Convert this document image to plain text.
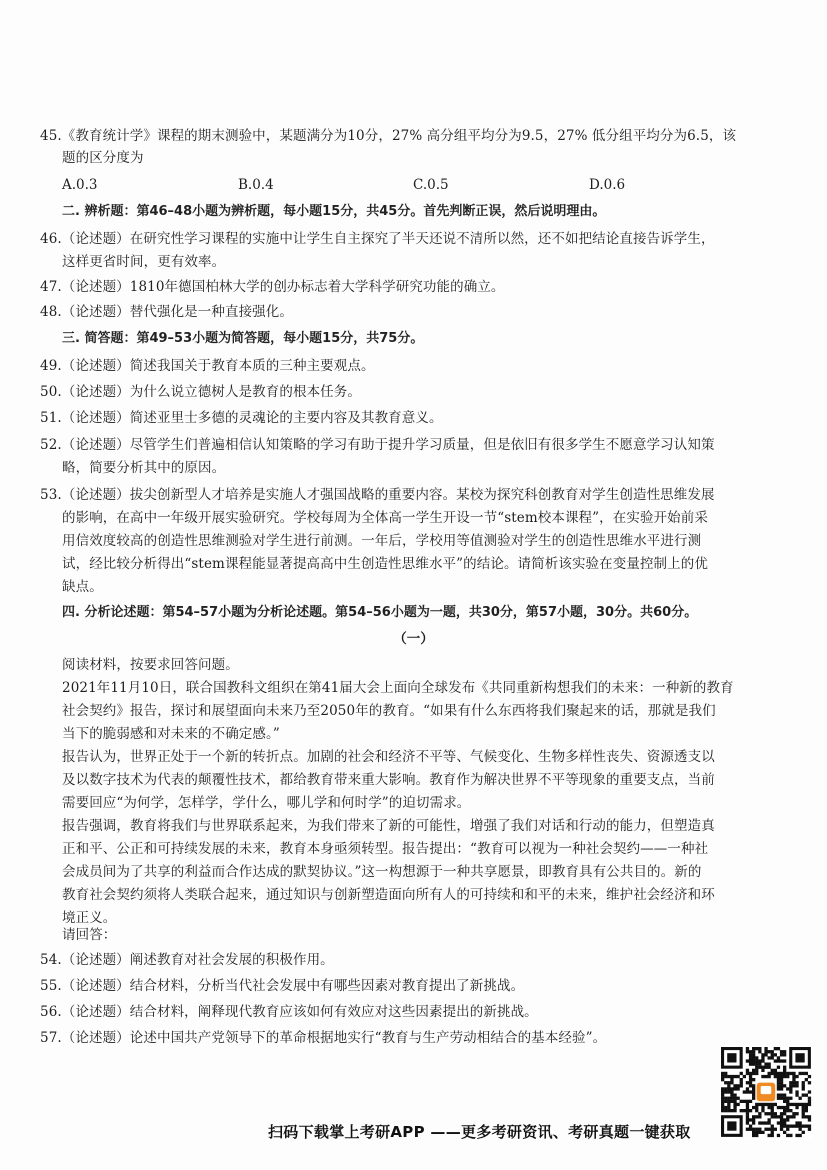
45.《教育统计学》课程的期末测验中，某题满分为10分，27% 高分组平均分为9.5，27% 低分组平均分为6.5，该
题的区分度为
A.0.3	B.0.4	C.0.5	D.0.6
二. 辨析题：第46–48小题为辨析题，每小题15分，共45分。首先判断正误，然后说明理由。
46.（论述题）在研究性学习课程的实施中让学生自主探究了半天还说不清所以然，还不如把结论直接告诉学生，
这样更省时间，更有效率。
47.（论述题）1810年德国柏林大学的创办标志着大学科学研究功能的确立。
48.（论述题）替代强化是一种直接强化。
三. 简答题：第49–53小题为简答题，每小题15分，共75分。
49.（论述题）简述我国关于教育本质的三种主要观点。
50.（论述题）为什么说立德树人是教育的根本任务。
51.（论述题）简述亚里士多德的灵魂论的主要内容及其教育意义。
52.（论述题）尽管学生们普遍相信认知策略的学习有助于提升学习质量，但是依旧有很多学生不愿意学习认知策
略，简要分析其中的原因。
53.（论述题）拔尖创新型人才培养是实施人才强国战略的重要内容。某校为探究科创教育对学生创造性思维发展
的影响，在高中一年级开展实验研究。学校每周为全体高一学生开设一节“stem校本课程”，在实验开始前采
用信效度较高的创造性思维测验对学生进行前测。一年后，学校用等值测验对学生的创造性思维水平进行测
试，经比较分析得出“stem课程能显著提高高中生创造性思维水平”的结论。请简析该实验在变量控制上的优
缺点。
四. 分析论述题：第54–57小题为分析论述题。第54–56小题为一题，共30分，第57小题，30分。共60分。
（一）
阅读材料，按要求回答问题。
2021年11月10日，联合国教科文组织在第41届大会上面向全球发布《共同重新构想我们的未来：一种新的教育
社会契约》报告，探讨和展望面向未来乃至2050年的教育。“如果有什么东西将我们聚起来的话，那就是我们
当下的脆弱感和对未来的不确定感。”
报告认为，世界正处于一个新的转折点。加剧的社会和经济不平等、气候变化、生物多样性丧失、资源透支以
及以数字技术为代表的颠覆性技术，都给教育带来重大影响。教育作为解决世界不平等现象的重要支点，当前
需要回应“为何学，怎样学，学什么，哪儿学和何时学”的迫切需求。
报告强调，教育将我们与世界联系起来，为我们带来了新的可能性，增强了我们对话和行动的能力，但塑造真
正和平、公正和可持续发展的未来，教育本身亟须转型。报告提出：“教育可以视为一种社会契约——一种社
会成员间为了共享的利益而合作达成的默契协议。”这一构想源于一种共享愿景，即教育具有公共目的。新的
教育社会契约须将人类联合起来，通过知识与创新塑造面向所有人的可持续和和平的未来，维护社会经济和环
境正义。
请回答：
54.（论述题）阐述教育对社会发展的积极作用。
55.（论述题）结合材料，分析当代社会发展中有哪些因素对教育提出了新挑战。
56.（论述题）结合材料，阐释现代教育应该如何有效应对这些因素提出的新挑战。
57.（论述题）论述中国共产党领导下的革命根据地实行“教育与生产劳动相结合的基本经验”。
扫码下载掌上考研APP ——更多考研资讯、考研真题一键获取
